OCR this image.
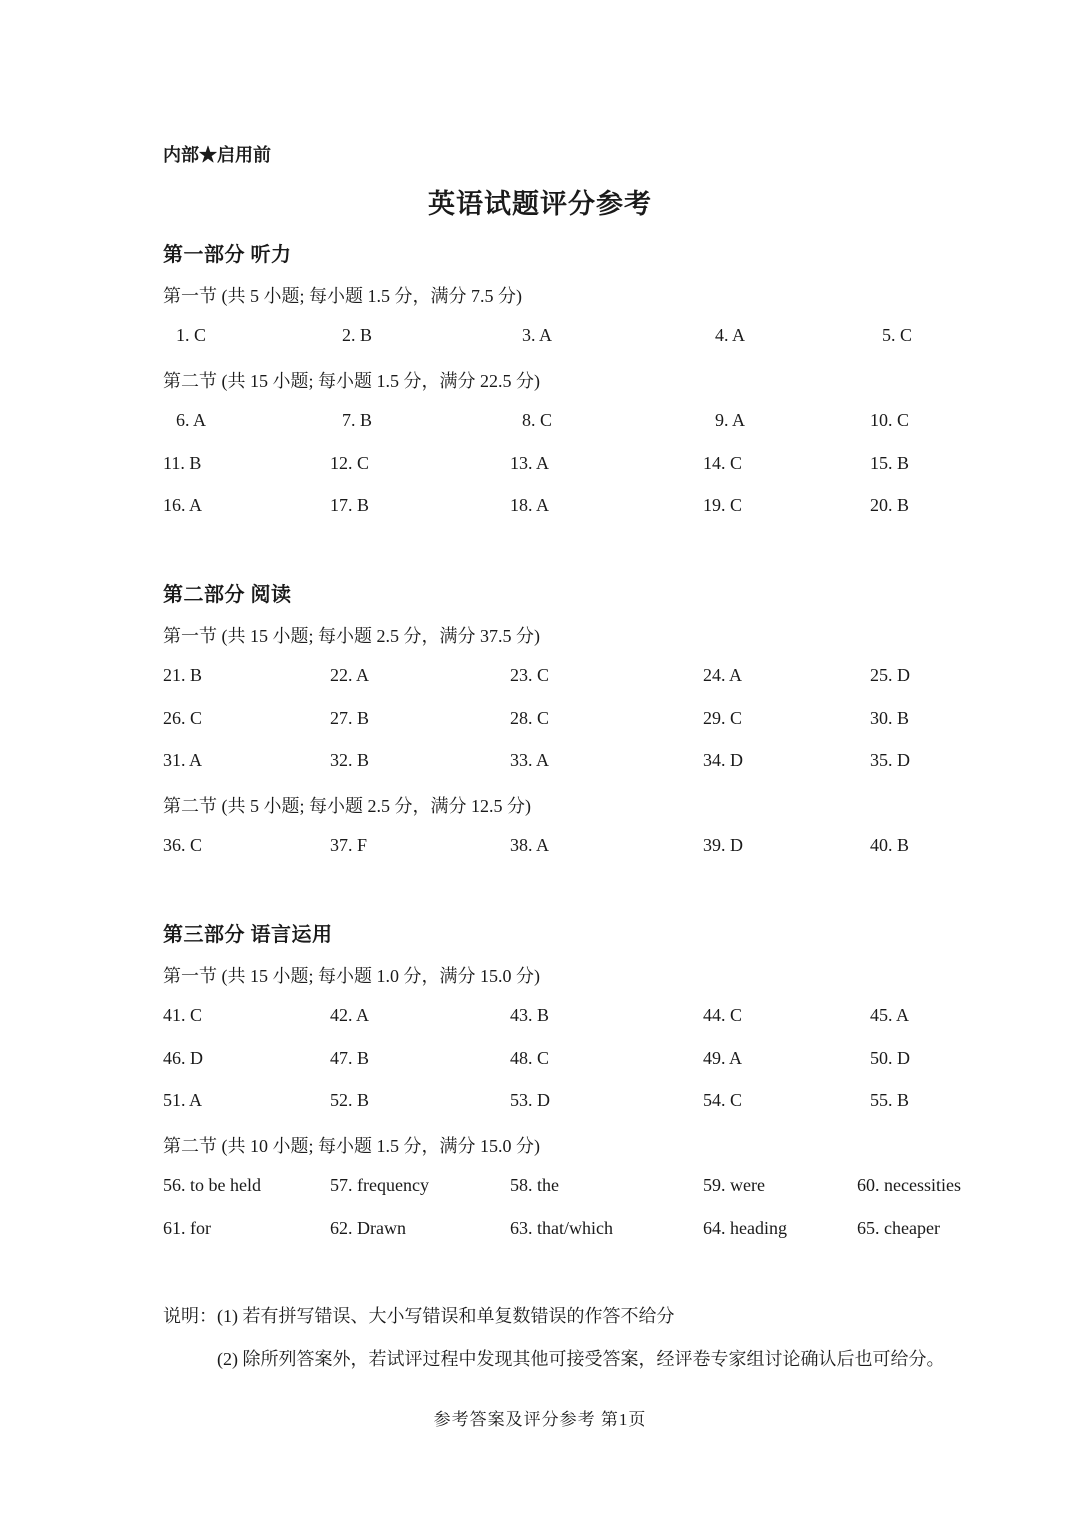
内部★启用前
英语试题评分参考
第一部分 听力
第一节 (共 5 小题; 每小题 1.5 分，满分 7.5 分)
1. C	2. B	3. A	4. A	5. C
第二节 (共 15 小题; 每小题 1.5 分，满分 22.5 分)
6. A	7. B	8. C	9. A	10. C
11. B	12. C	13. A	14. C	15. B
16. A	17. B	18. A	19. C	20. B
第二部分 阅读
第一节 (共 15 小题; 每小题 2.5 分，满分 37.5 分)
21. B	22. A	23. C	24. A	25. D
26. C	27. B	28. C	29. C	30. B
31. A	32. B	33. A	34. D	35. D
第二节 (共 5 小题; 每小题 2.5 分，满分 12.5 分)
36. C	37. F	38. A	39. D	40. B
第三部分 语言运用
第一节 (共 15 小题; 每小题 1.0 分，满分 15.0 分)
41. C	42. A	43. B	44. C	45. A
46. D	47. B	48. C	49. A	50. D
51. A	52. B	53. D	54. C	55. B
第二节 (共 10 小题; 每小题 1.5 分，满分 15.0 分)
56. to be held	57. frequency	58. the	59. were	60. necessities
61. for	62. Drawn	63. that/which	64. heading	65. cheaper
说明：(1) 若有拼写错误、大小写错误和单复数错误的作答不给分
(2) 除所列答案外，若试评过程中发现其他可接受答案，经评卷专家组讨论确认后也可给分。
参考答案及评分参考 第1页
